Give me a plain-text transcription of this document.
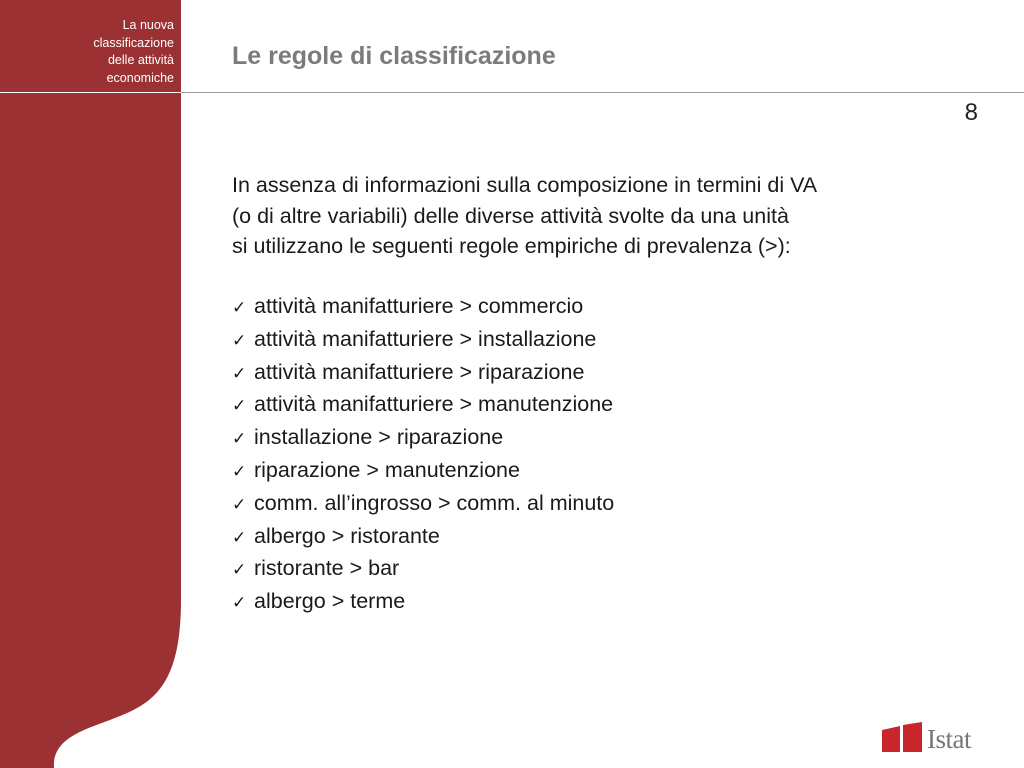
La nuova
classificazione
delle attività
economiche

Le regole di classificazione
8
In assenza di informazioni sulla composizione in termini di VA
(o di altre variabili) delle diverse attività svolte da una unità
si utilizzano le seguenti regole empiriche di prevalenza (>):
✓ attività manifatturiere > commercio
✓ attività manifatturiere > installazione
✓ attività manifatturiere > riparazione
✓ attività manifatturiere > manutenzione
✓ installazione > riparazione
✓ riparazione > manutenzione
✓ comm. all’ingrosso > comm. al minuto
✓ albergo > ristorante
✓ ristorante > bar
✓ albergo > terme
Istat
